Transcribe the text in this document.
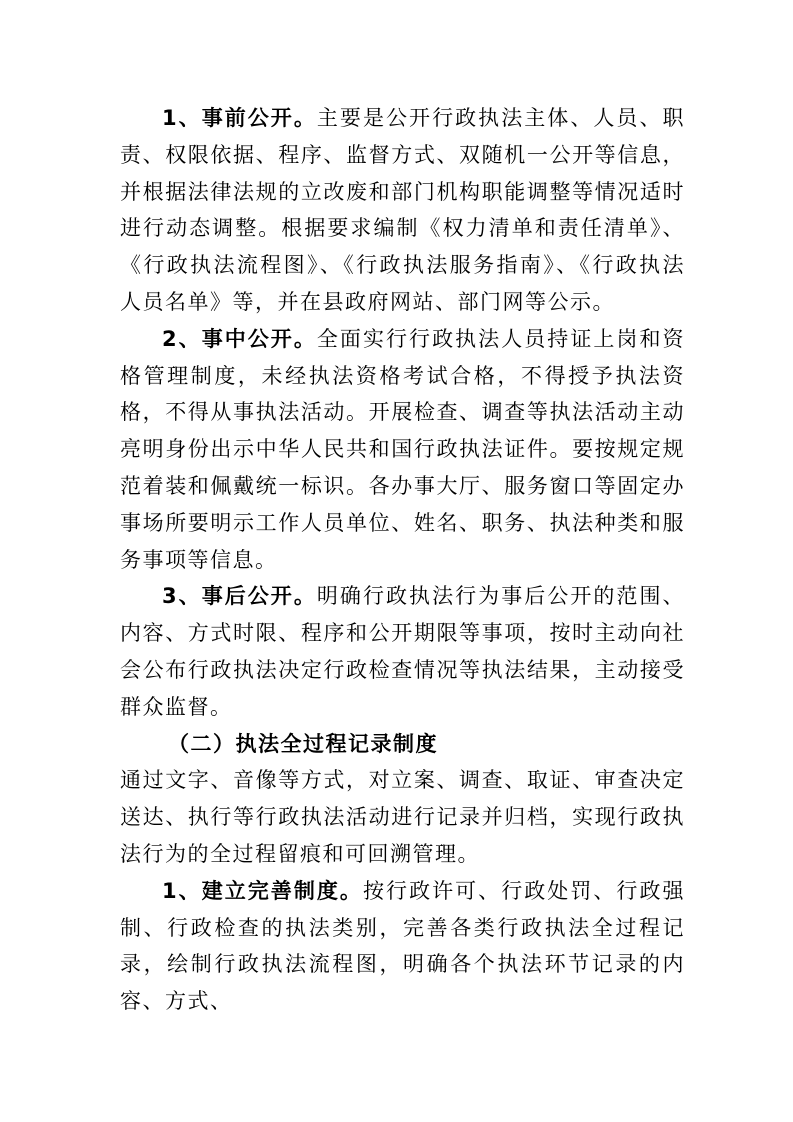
1、事前公开。主要是公开行政执法主体、人员、职责、权限依据、程序、监督方式、双随机一公开等信息，并根据法律法规的立改废和部门机构职能调整等情况适时进行动态调整。根据要求编制《权力清单和责任清单》、《行政执法流程图》、《行政执法服务指南》、《行政执法人员名单》等，并在县政府网站、部门网等公示。

2、事中公开。全面实行行政执法人员持证上岗和资格管理制度，未经执法资格考试合格，不得授予执法资格，不得从事执法活动。开展检查、调查等执法活动主动亮明身份出示中华人民共和国行政执法证件。要按规定规范着装和佩戴统一标识。各办事大厅、服务窗口等固定办事场所要明示工作人员单位、姓名、职务、执法种类和服务事项等信息。

3、事后公开。明确行政执法行为事后公开的范围、内容、方式时限、程序和公开期限等事项，按时主动向社会公布行政执法决定行政检查情况等执法结果，主动接受群众监督。

（二）执法全过程记录制度

通过文字、音像等方式，对立案、调查、取证、审查决定送达、执行等行政执法活动进行记录并归档，实现行政执法行为的全过程留痕和可回溯管理。

1、建立完善制度。按行政许可、行政处罚、行政强制、行政检查的执法类别，完善各类行政执法全过程记录，绘制行政执法流程图，明确各个执法环节记录的内容、方式、
